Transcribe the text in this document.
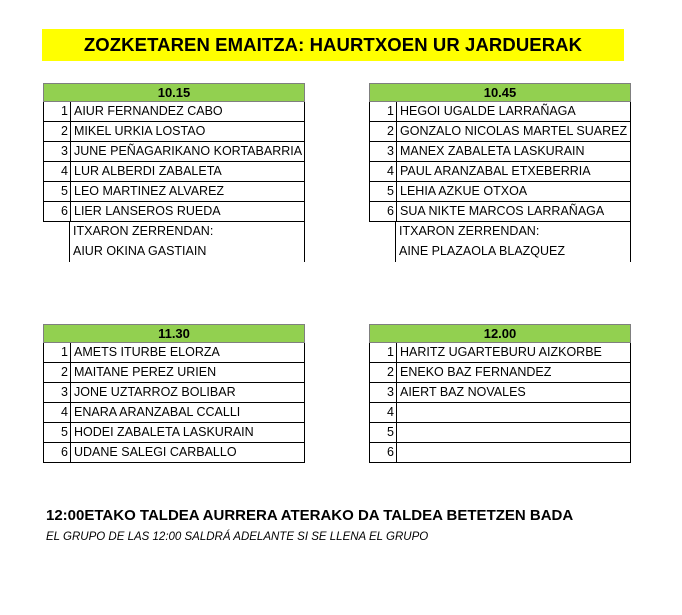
ZOZKETAREN EMAITZA: HAURTXOEN UR JARDUERAK
10.15
1 AIUR FERNANDEZ CABO
2 MIKEL URKIA LOSTAO
3 JUNE PEÑAGARIKANO KORTABARRIA
4 LUR ALBERDI ZABALETA
5 LEO MARTINEZ ALVAREZ
6 LIER LANSEROS RUEDA
ITXARON ZERRENDAN:
AIUR OKINA GASTIAIN
10.45
1 HEGOI UGALDE LARRAÑAGA
2 GONZALO NICOLAS MARTEL SUAREZ
3 MANEX ZABALETA LASKURAIN
4 PAUL ARANZABAL ETXEBERRIA
5 LEHIA AZKUE OTXOA
6 SUA NIKTE MARCOS LARRAÑAGA
ITXARON ZERRENDAN:
AINE PLAZAOLA BLAZQUEZ
11.30
1 AMETS ITURBE ELORZA
2 MAITANE PEREZ URIEN
3 JONE UZTARROZ BOLIBAR
4 ENARA ARANZABAL CCALLI
5 HODEI ZABALETA LASKURAIN
6 UDANE SALEGI CARBALLO
12.00
1 HARITZ UGARTEBURU AIZKORBE
2 ENEKO BAZ FERNANDEZ
3 AIERT BAZ NOVALES
4
5
6
12:00ETAKO TALDEA AURRERA ATERAKO DA TALDEA BETETZEN BADA
EL GRUPO DE LAS 12:00 SALDRÁ ADELANTE SI SE LLENA EL GRUPO
